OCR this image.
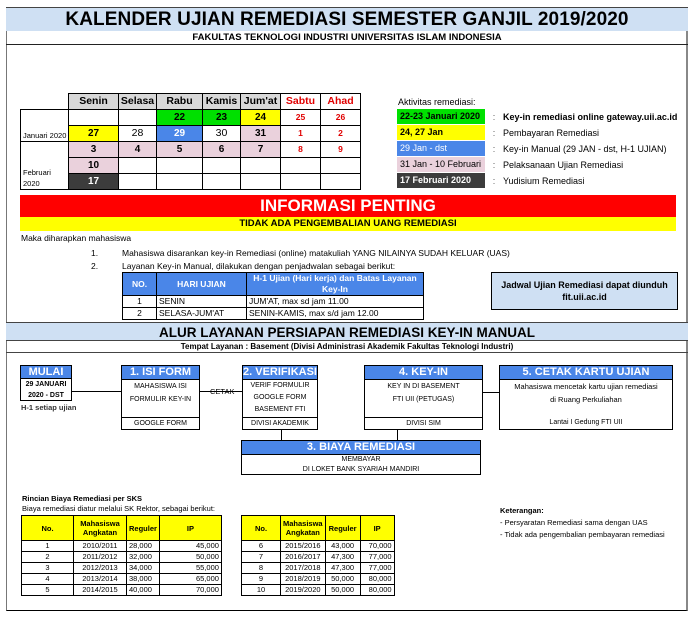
KALENDER UJIAN REMEDIASI SEMESTER GANJIL 2019/2020
FAKULTAS TEKNOLOGI INDUSTRI UNIVERSITAS ISLAM INDONESIA
	Senin	Selasa	Rabu	Kamis	Jum'at	Sabtu	Ahad
Januari 2020			22	23	24	25	26
	27	28	29	30	31	1	2
Februari 2020	3	4	5	6	7	8	9
	10						
	17						
Aktivitas remediasi:
22-23 Januari 2020	: Key-in remediasi online gateway.uii.ac.id
24, 27 Jan	: Pembayaran Remediasi
29 Jan - dst	: Key-in Manual (29 JAN - dst, H-1 UJIAN)
31 Jan - 10 Februari	: Pelaksanaan Ujian Remediasi
17 Februari 2020	: Yudisium Remediasi
INFORMASI PENTING
TIDAK ADA PENGEMBALIAN UANG REMEDIASI
Maka diharapkan mahasiswa
1.	Mahasiswa disarankan key-in Remediasi (online) matakuliah YANG NILAINYA SUDAH KELUAR (UAS)
2.	Layanan Key-in Manual, dilakukan dengan penjadwalan sebagai berikut:
NO.	HARI UJIAN	H-1 Ujian (Hari kerja) dan Batas Layanan Key-In
1	SENIN	JUM'AT, max sd jam 11.00
2	SELASA-JUM'AT	SENIN-KAMIS, max s/d jam 12.00
Jadwal Ujian Remediasi dapat diunduh
fit.uii.ac.id
ALUR LAYANAN PERSIAPAN REMEDIASI KEY-IN MANUAL
Tempat Layanan : Basement (Divisi Administrasi Akademik Fakultas Teknologi Industri)
MULAI
29 JANUARI
2020 - DST
H-1 setiap ujian
1. ISI FORM
MAHASISWA ISI
FORMULIR KEY-IN
GOOGLE FORM
CETAK
2. VERIFIKASI
VERIF FORMULIR
GOOGLE FORM
BASEMENT FTI
DIVISI AKADEMIK
3. BIAYA REMEDIASI
MEMBAYAR
DI LOKET BANK SYARIAH MANDIRI
4. KEY-IN
KEY IN DI BASEMENT
FTI UII (PETUGAS)
DIVISI SIM
5. CETAK KARTU UJIAN
Mahasiswa mencetak kartu ujian remediasi
di Ruang Perkuliahan
Lantai I Gedung FTI UII
Rincian Biaya Remediasi per SKS
Biaya remediasi diatur melalui SK Rektor, sebagai berikut:
No.	Mahasiswa Angkatan	Reguler	IP
1	2010/2011	28,000	45,000
2	2011/2012	32,000	50,000
3	2012/2013	34,000	55,000
4	2013/2014	38,000	65,000
5	2014/2015	40,000	70,000
No.	Mahasiswa Angkatan	Reguler	IP
6	2015/2016	43,000	70,000
7	2016/2017	47,300	77,000
8	2017/2018	47,300	77,000
9	2018/2019	50,000	80,000
10	2019/2020	50,000	80,000
Keterangan:
- Persyaratan Remediasi sama dengan UAS
- Tidak ada pengembalian pembayaran remediasi
